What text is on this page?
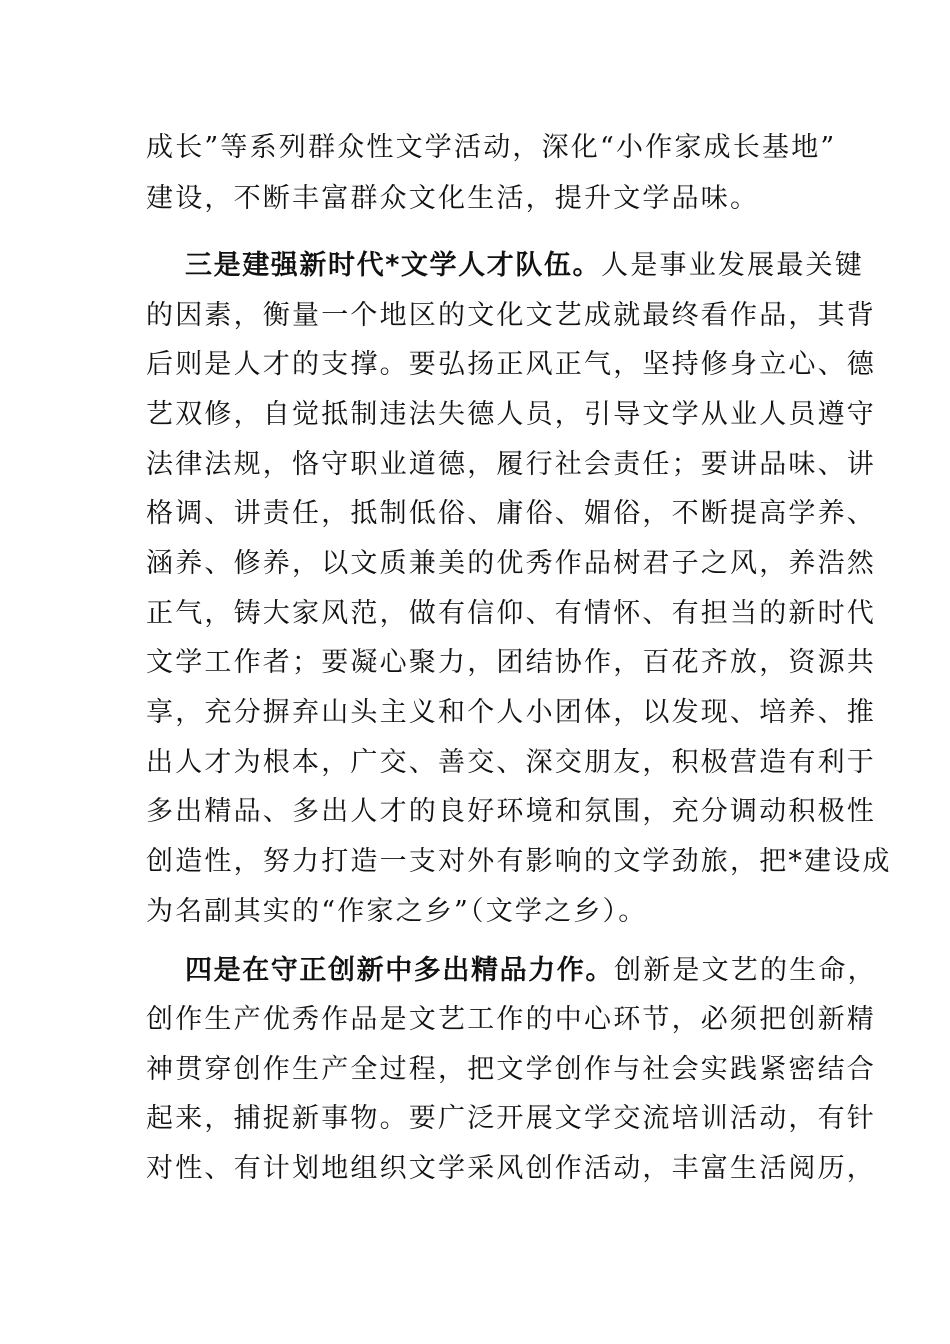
成长”等系列群众性文学活动，深化“小作家成长基地”
建设，不断丰富群众文化生活，提升文学品味。
三是建强新时代*文学人才队伍。人是事业发展最关键
的因素，衡量一个地区的文化文艺成就最终看作品，其背
后则是人才的支撑。要弘扬正风正气，坚持修身立心、德
艺双修，自觉抵制违法失德人员，引导文学从业人员遵守
法律法规，恪守职业道德，履行社会责任；要讲品味、讲
格调、讲责任，抵制低俗、庸俗、媚俗，不断提高学养、
涵养、修养，以文质兼美的优秀作品树君子之风，养浩然
正气，铸大家风范，做有信仰、有情怀、有担当的新时代
文学工作者；要凝心聚力，团结协作，百花齐放，资源共
享，充分摒弃山头主义和个人小团体，以发现、培养、推
出人才为根本，广交、善交、深交朋友，积极营造有利于
多出精品、多出人才的良好环境和氛围，充分调动积极性
创造性，努力打造一支对外有影响的文学劲旅，把*建设成
为名副其实的“作家之乡”（文学之乡）。
四是在守正创新中多出精品力作。创新是文艺的生命，
创作生产优秀作品是文艺工作的中心环节，必须把创新精
神贯穿创作生产全过程，把文学创作与社会实践紧密结合
起来，捕捉新事物。要广泛开展文学交流培训活动，有针
对性、有计划地组织文学采风创作活动，丰富生活阅历，
